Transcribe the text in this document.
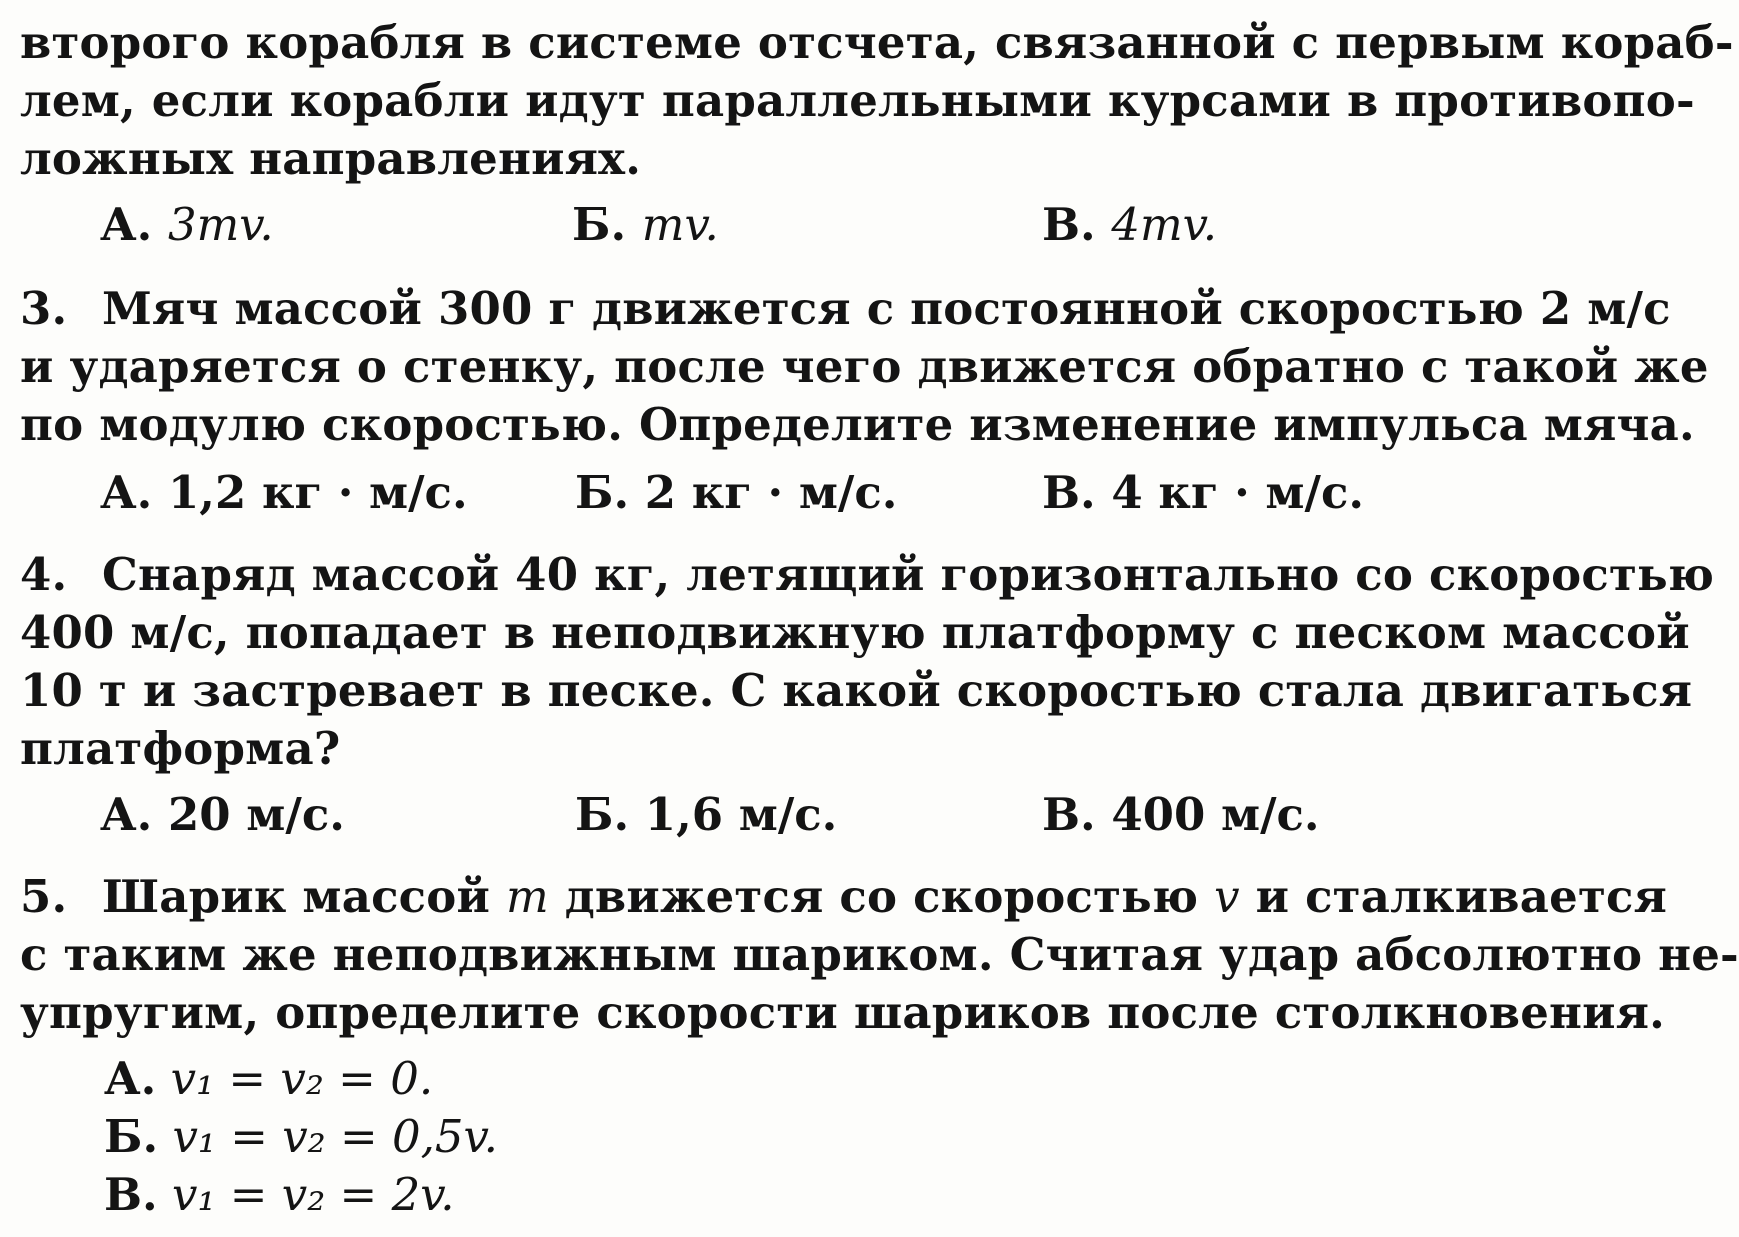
второго корабля в системе отсчета, связанной с первым кораб-
лем, если корабли идут параллельными курсами в противопо-
ложных направлениях.
А. 3mv.	Б. mv.	В. 4mv.
3. Мяч массой 300 г движется с постоянной скоростью 2 м/с
и ударяется о стенку, после чего движется обратно с такой же
по модулю скоростью. Определите изменение импульса мяча.
А. 1,2 кг · м/с. Б. 2 кг · м/с.	В. 4 кг · м/с.
4. Снаряд массой 40 кг, летящий горизонтально со скоростью
400 м/с, попадает в неподвижную платформу с песком массой
10 т и застревает в песке. С какой скоростью стала двигаться
платформа?
А. 20 м/с.	Б. 1,6 м/с.	В. 400 м/с.
5. Шарик массой m движется со скоростью v и сталкивается
с таким же неподвижным шариком. Считая удар абсолютно не-
упругим, определите скорости шариков после столкновения.
А. v₁ = v₂ = 0.
Б. v₁ = v₂ = 0,5v.
В. v₁ = v₂ = 2v.
